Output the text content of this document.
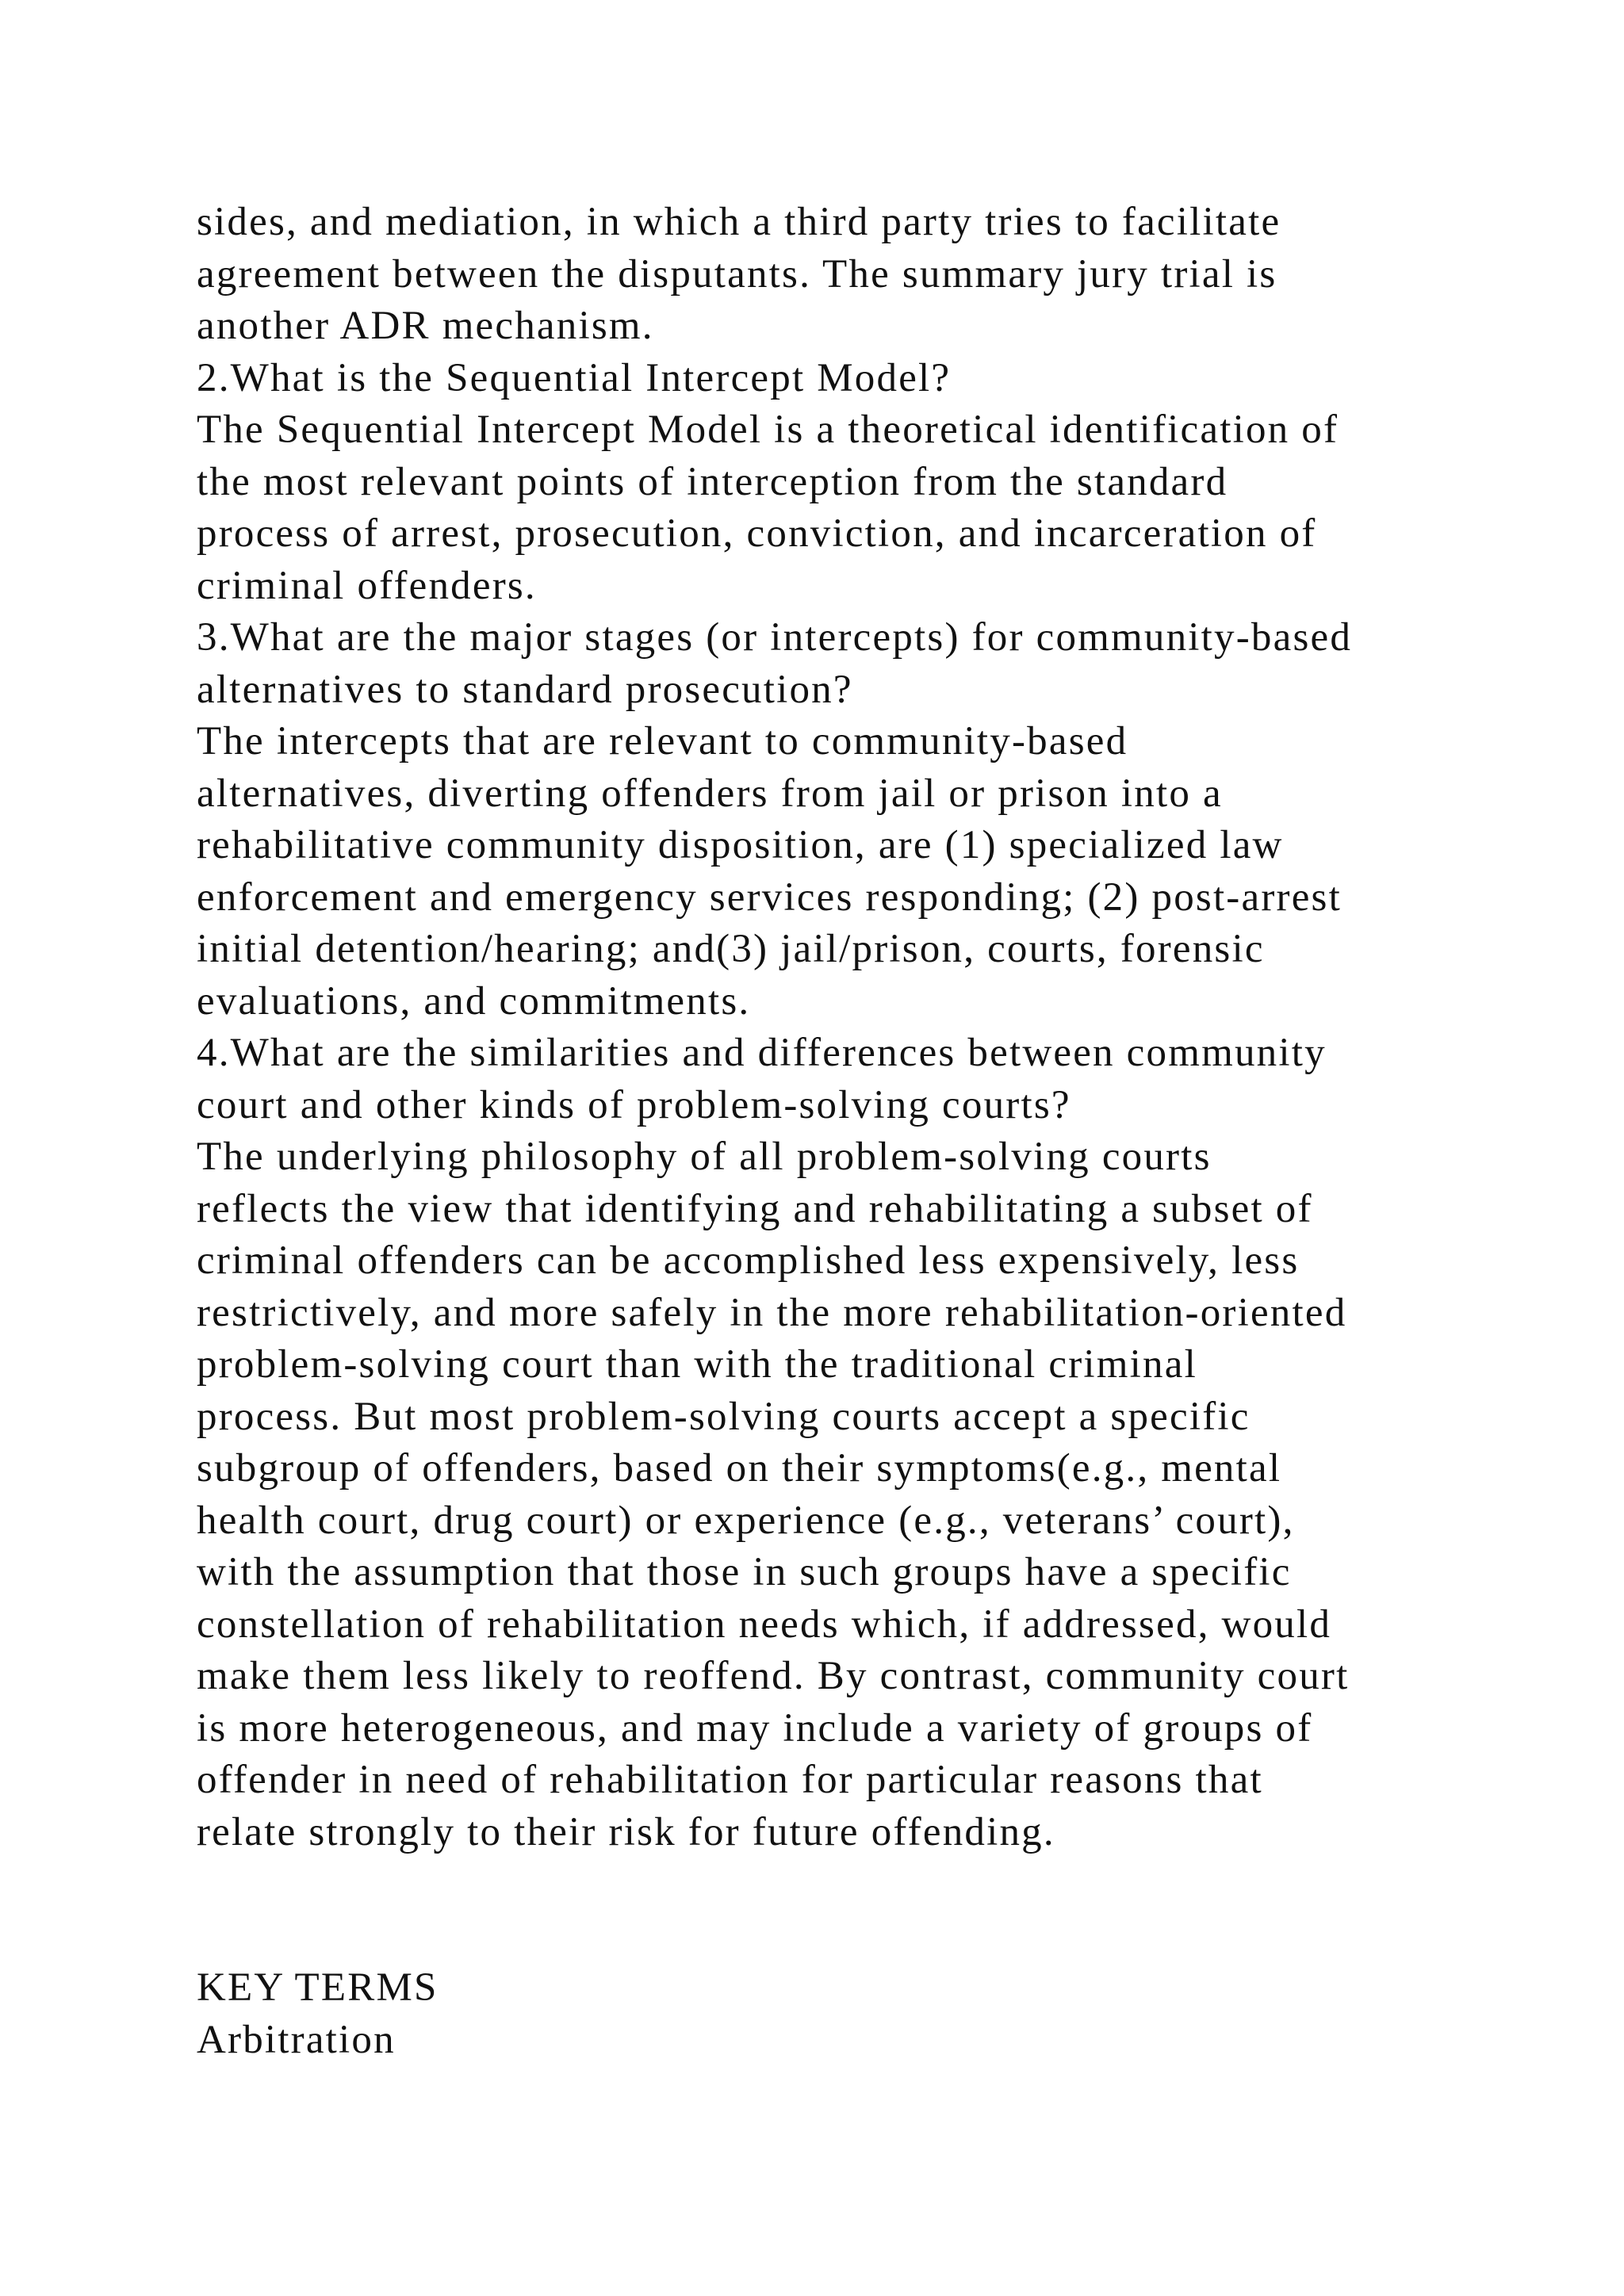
sides, and mediation, in which a third party tries to facilitate
agreement between the disputants. The summary jury trial is
another ADR mechanism.
2.What is the Sequential Intercept Model?
The Sequential Intercept Model is a theoretical identification of
the most relevant points of interception from the standard
process of arrest, prosecution, conviction, and incarceration of
criminal offenders.
3.What are the major stages (or intercepts) for community-based
alternatives to standard prosecution?
The intercepts that are relevant to community-based
alternatives, diverting offenders from jail or prison into a
rehabilitative community disposition, are (1) specialized law
enforcement and emergency services responding; (2) post-arrest
initial detention/hearing; and(3) jail/prison, courts, forensic
evaluations, and commitments.
4.What are the similarities and differences between community
court and other kinds of problem-solving courts?
The underlying philosophy of all problem-solving courts
reflects the view that identifying and rehabilitating a subset of
criminal offenders can be accomplished less expensively, less
restrictively, and more safely in the more rehabilitation-oriented
problem-solving court than with the traditional criminal
process. But most problem-solving courts accept a specific
subgroup of offenders, based on their symptoms(e.g., mental
health court, drug court) or experience (e.g., veterans’ court),
with the assumption that those in such groups have a specific
constellation of rehabilitation needs which, if addressed, would
make them less likely to reoffend. By contrast, community court
is more heterogeneous, and may include a variety of groups of
offender in need of rehabilitation for particular reasons that
relate strongly to their risk for future offending.
KEY TERMS
Arbitration
